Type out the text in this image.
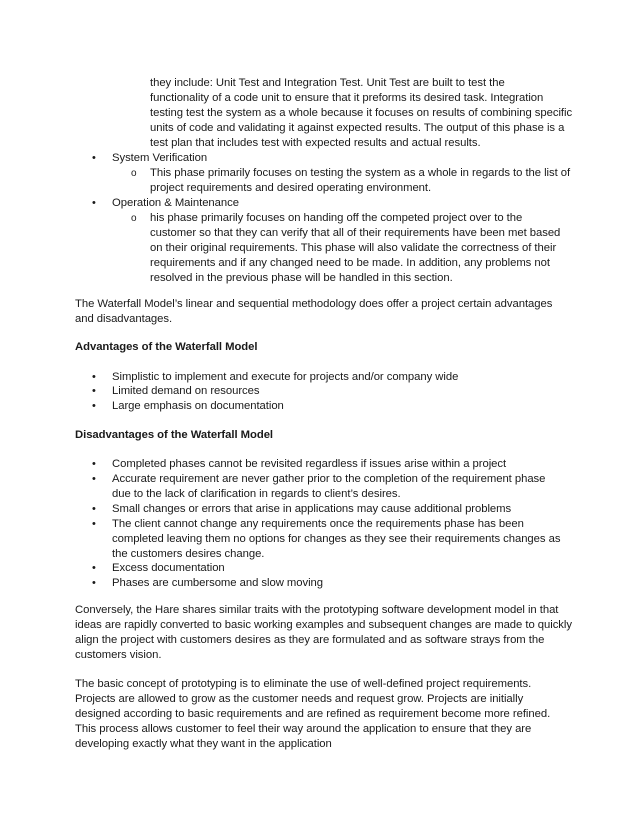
they include: Unit Test and Integration Test. Unit Test are built to test the
functionality of a code unit to ensure that it preforms its desired task. Integration
testing test the system as a whole because it focuses on results of combining specific
units of code and validating it against expected results. The output of this phase is a
test plan that includes test with expected results and actual results.
• System Verification
o This phase primarily focuses on testing the system as a whole in regards to the list of
project requirements and desired operating environment.
• Operation & Maintenance
o his phase primarily focuses on handing off the competed project over to the
customer so that they can verify that all of their requirements have been met based
on their original requirements. This phase will also validate the correctness of their
requirements and if any changed need to be made. In addition, any problems not
resolved in the previous phase will be handled in this section.
The Waterfall Model’s linear and sequential methodology does offer a project certain advantages
and disadvantages.
Advantages of the Waterfall Model
• Simplistic to implement and execute for projects and/or company wide
• Limited demand on resources
• Large emphasis on documentation
Disadvantages of the Waterfall Model
• Completed phases cannot be revisited regardless if issues arise within a project
• Accurate requirement are never gather prior to the completion of the requirement phase
due to the lack of clarification in regards to client’s desires.
• Small changes or errors that arise in applications may cause additional problems
• The client cannot change any requirements once the requirements phase has been
completed leaving them no options for changes as they see their requirements changes as
the customers desires change.
• Excess documentation
• Phases are cumbersome and slow moving
Conversely, the Hare shares similar traits with the prototyping software development model in that
ideas are rapidly converted to basic working examples and subsequent changes are made to quickly
align the project with customers desires as they are formulated and as software strays from the
customers vision.
The basic concept of prototyping is to eliminate the use of well-defined project requirements.
Projects are allowed to grow as the customer needs and request grow. Projects are initially
designed according to basic requirements and are refined as requirement become more refined.
This process allows customer to feel their way around the application to ensure that they are
developing exactly what they want in the application
